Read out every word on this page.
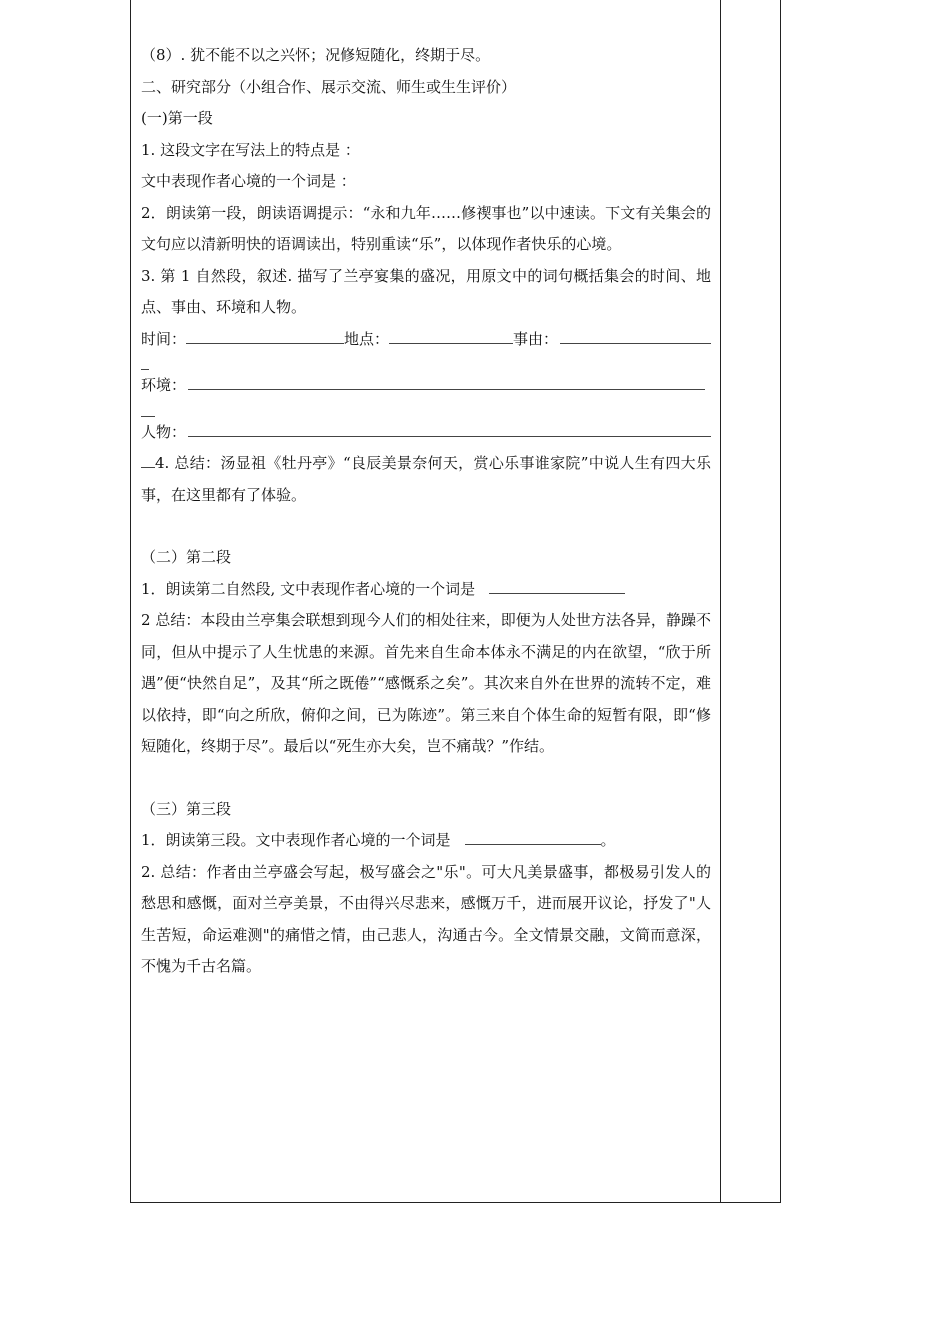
（8）. 犹不能不以之兴怀；况修短随化，终期于尽。
二、研究部分（小组合作、展示交流、师生或生生评价）
(一)第一段
1. 这段文字在写法上的特点是 ：
文中表现作者心境的一个词是 ：
2．朗读第一段，朗读语调提示：“永和九年……修禊事也”以中速读。下文有关集会的文句应以清新明快的语调读出，特别重读“乐”，以体现作者快乐的心境。
3. 第 1 自然段，叙述. 描写了兰亭宴集的盛况，用原文中的词句概括集会的时间、地点、事由、环境和人物。
时间：	地点：	事由：
环境：
人物：
4. 总结：汤显祖《牡丹亭》“良辰美景奈何天，赏心乐事谁家院”中说人生有四大乐事，在这里都有了体验。
（二）第二段
1．朗读第二自然段, 文中表现作者心境的一个词是
2 总结：本段由兰亭集会联想到现今人们的相处往来，即便为人处世方法各异，静躁不同，但从中提示了人生忧患的来源。首先来自生命本体永不满足的内在欲望，“欣于所遇”便“快然自足”，及其“所之既倦”“感慨系之矣”。其次来自外在世界的流转不定，难以依持，即“向之所欣，俯仰之间，已为陈迹”。第三来自个体生命的短暂有限，即“修短随化，终期于尽”。最后以“死生亦大矣，岂不痛哉？”作结。
（三）第三段
1．朗读第三段。文中表现作者心境的一个词是	。
2. 总结：作者由兰亭盛会写起，极写盛会之"乐"。可大凡美景盛事，都极易引发人的愁思和感慨，面对兰亭美景，不由得兴尽悲来，感慨万千，进而展开议论，抒发了"人生苦短，命运难测"的痛惜之情，由己悲人，沟通古今。全文情景交融，文简而意深，不愧为千古名篇。
